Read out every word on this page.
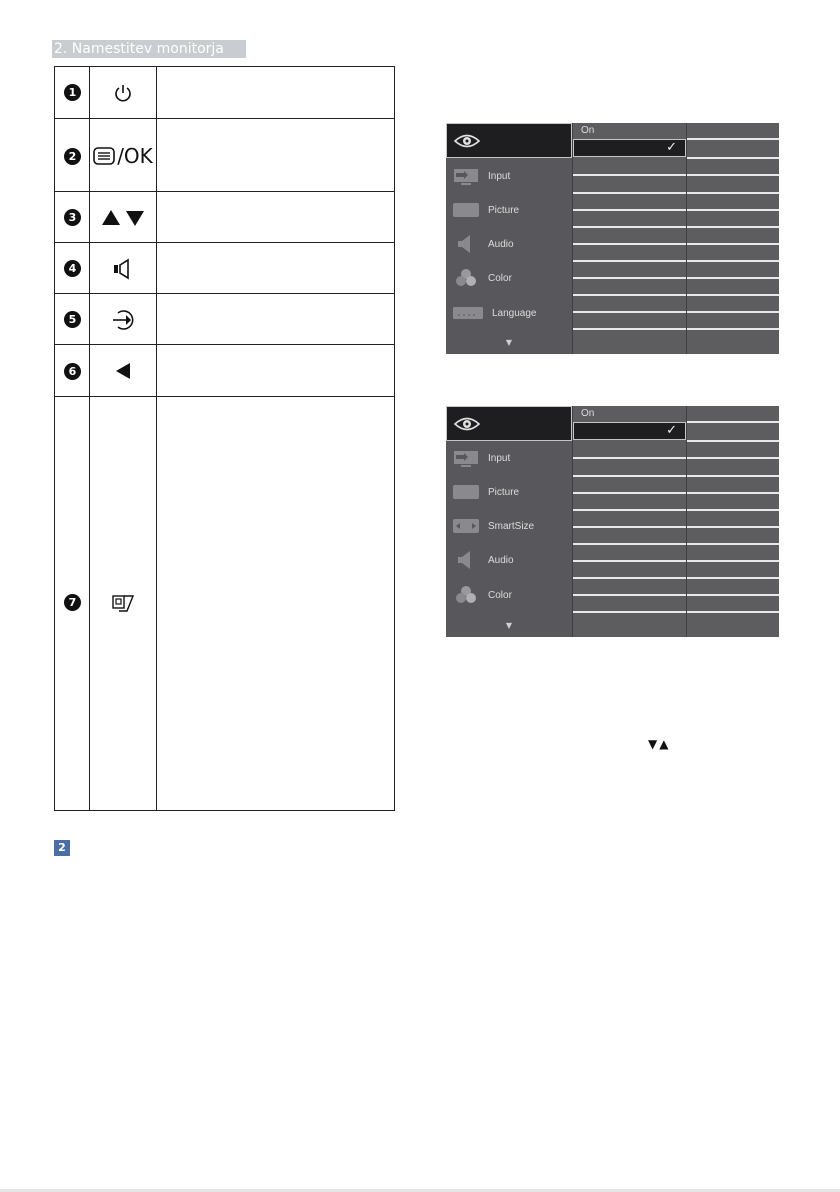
2. Namestitev monitorja
1
2 /OK
3
4
5
6
7
2
Input
Picture
Audio
Color
Language
▼
On
✓
Input
Picture
SmartSize
Audio
Color
▼
On
✓
▼▲
